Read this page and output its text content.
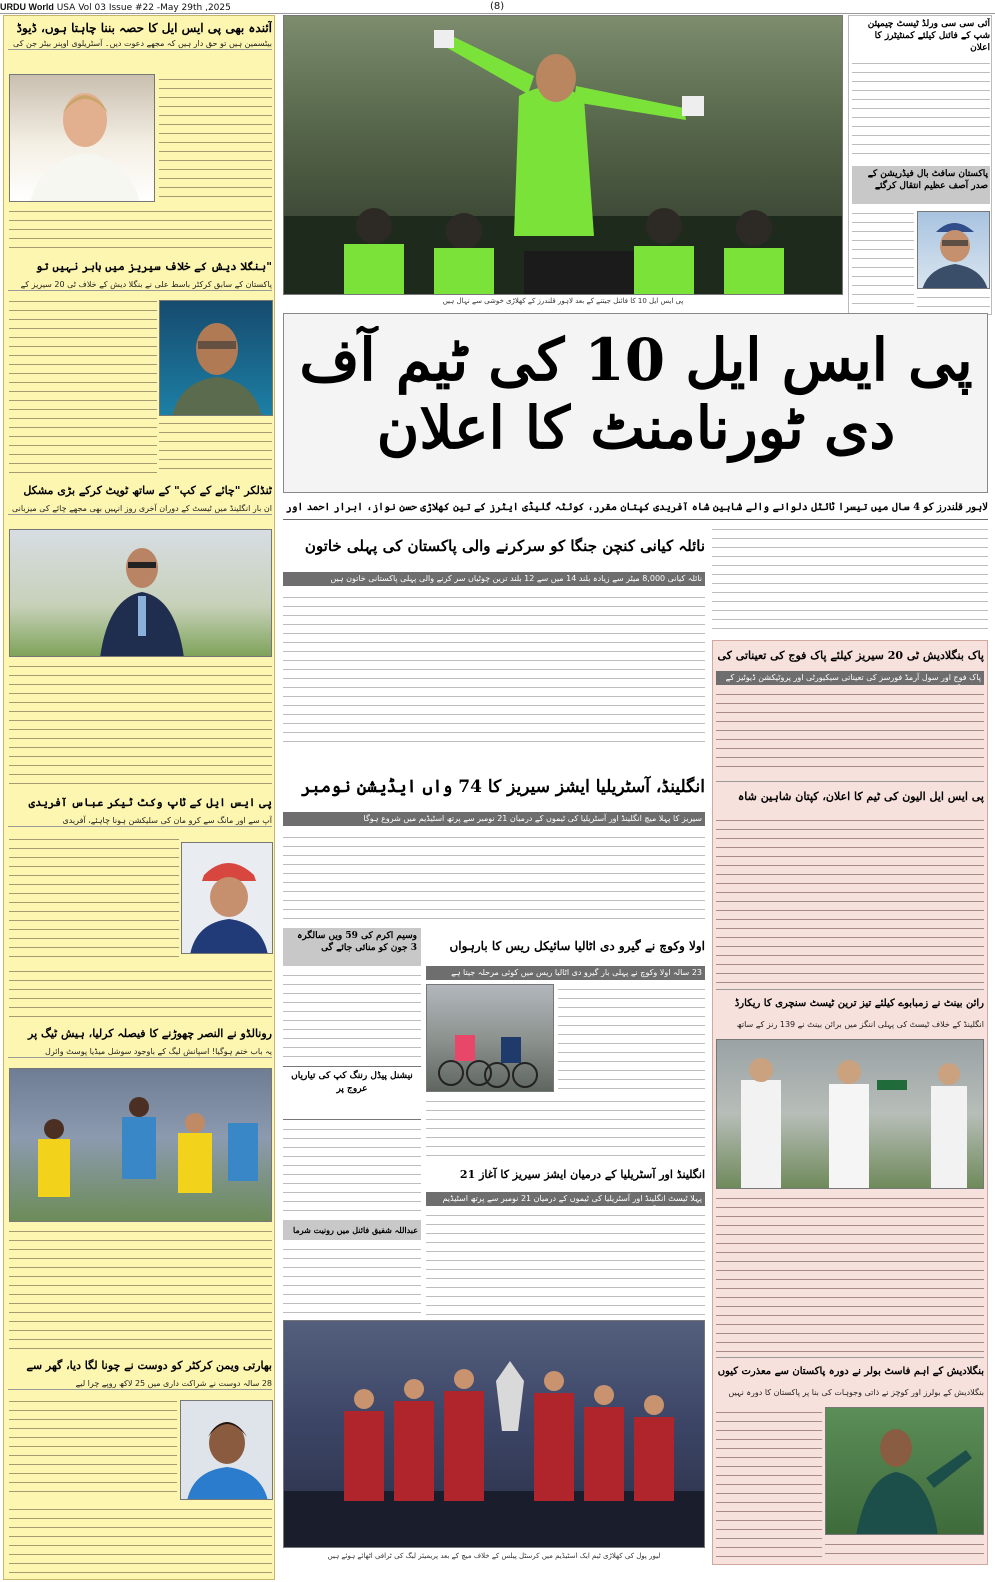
URDU World USA Vol 03 Issue #22 -May 29th ,2025	(8)
آئندہ بھی پی ایس ایل کا حصہ بننا چاہتا ہوں، ڈیوڈ
بیٹسمین ہیں تو حق دار ہیں کہ مجھے دعوت دیں۔ آسٹریلوی اوپنر بیٹر جن کی
"بنگلا دیش کے خلاف سیریز میں بابر نہیں تو
پاکستان کے سابق کرکٹر باسط علی نے بنگلا دیش کے خلاف ٹی 20 سیریز کے
ٹنڈلکر "چائے کے کپ" کے ساتھ ٹویٹ کرکے بڑی مشکل
ان بار انگلینڈ میں ٹیسٹ کے دوران آخری روز انہیں بھی مجھے چائے کی میزبانی
پی ایس ایل کے ٹاپ وکٹ ٹیکر عباس آفریدی
آپ سے اور مانگ سے کرو مان کی سلیکشن ہونا چاہئے، آفریدی
رونالڈو نے النصر چھوڑنے کا فیصلہ کرلیا، ہیش ٹیگ پر
یہ باب ختم ہوگیا! اسپانش لیگ کے باوجود سوشل میڈیا پوسٹ وائرل
بھارتی ویمن کرکٹر کو دوست نے چونا لگا دیا، گھر سے
28 سالہ دوست نے شراکت داری میں 25 لاکھ روپے چرا لیے
پی ایس ایل 10 کا فائنل جیتنے کے بعد لاہور قلندرز کے کھلاڑی خوشی سے نہال ہیں
آئی سی سی ورلڈ ٹیسٹ چیمپئن شپ کے فائنل کیلئے کمنٹیٹرز کا اعلان
پاکستان سافٹ بال فیڈریشن کے صدر آصف عظیم انتقال کرگئے
پی ایس ایل 10 کی ٹیم آف دی ٹورنامنٹ کا اعلان
لاہور قلندرز کو 4 سال میں تیسرا ٹائٹل دلوانے والے شاہین شاہ آفریدی کپتان مقرر، کوئٹہ گلیڈی ایٹرز کے تین کھلاڑی حسن نواز، ابرار احمد اور
نائلہ کیانی کنچن جنگا کو سرکرنے والی پاکستان کی پہلی خاتون
نائلہ کیانی 8,000 میٹر سے زیادہ بلند 14 میں سے 12 بلند ترین چوٹیاں سر کرنے والی پہلی پاکستانی خاتون ہیں
انگلینڈ، آسٹریلیا ایشز سیریز کا 74 واں ایڈیشن نومبر
سیریز کا پہلا میچ انگلینڈ اور آسٹریلیا کی ٹیموں کے درمیان 21 نومبر سے پرتھ اسٹیڈیم میں شروع ہوگا
وسیم اکرم کی 59 ویں سالگرہ
3 جون کو منائی جائے گی
نیشنل پیڈل رننگ کپ کی تیاریاں عروج پر
عبداللہ شفیق فائنل میں رونیت شرما
اولا وکوچ نے گیرو دی اٹالیا سائیکل ریس کا بارہواں
23 سالہ اولا وکوچ نے پہلی بار گیرو دی اٹالیا ریس میں کوئی مرحلہ جیتا ہے
انگلینڈ اور آسٹریلیا کے درمیان ایشز سیریز کا آغاز 21
پہلا ٹیسٹ انگلینڈ اور آسٹریلیا کی ٹیموں کے درمیان 21 نومبر سے پرتھ اسٹیڈیم
لیور پول کی کھلاڑی ٹیم ایک اسٹیڈیم میں کرسٹل پیلس کے خلاف میچ کے بعد پریمیئر لیگ کی ٹرافی اٹھائے ہوئے ہیں
پاک بنگلادیش ٹی 20 سیریز کیلئے پاک فوج کی تعیناتی کی
پاک فوج اور سول آرمڈ فورسز کی تعیناتی سیکیورٹی اور پروٹیکشن ڈیوٹیز کے
پی ایس ایل الیون کی ٹیم کا اعلان، کپتان شاہین شاہ
رائن بینٹ نے زمبابوے کیلئے تیز ترین ٹیسٹ سنچری کا ریکارڈ
انگلینڈ کے خلاف ٹیسٹ کی پہلی اننگز میں برائن بینٹ نے 139 رنز کے ساتھ
بنگلادیش کے اہم فاسٹ بولر نے دورہ پاکستان سے معذرت کیوں
بنگلادیش کے بولرز اور کوچز نے ذاتی وجوہات کی بنا پر پاکستان کا دورہ نہیں
